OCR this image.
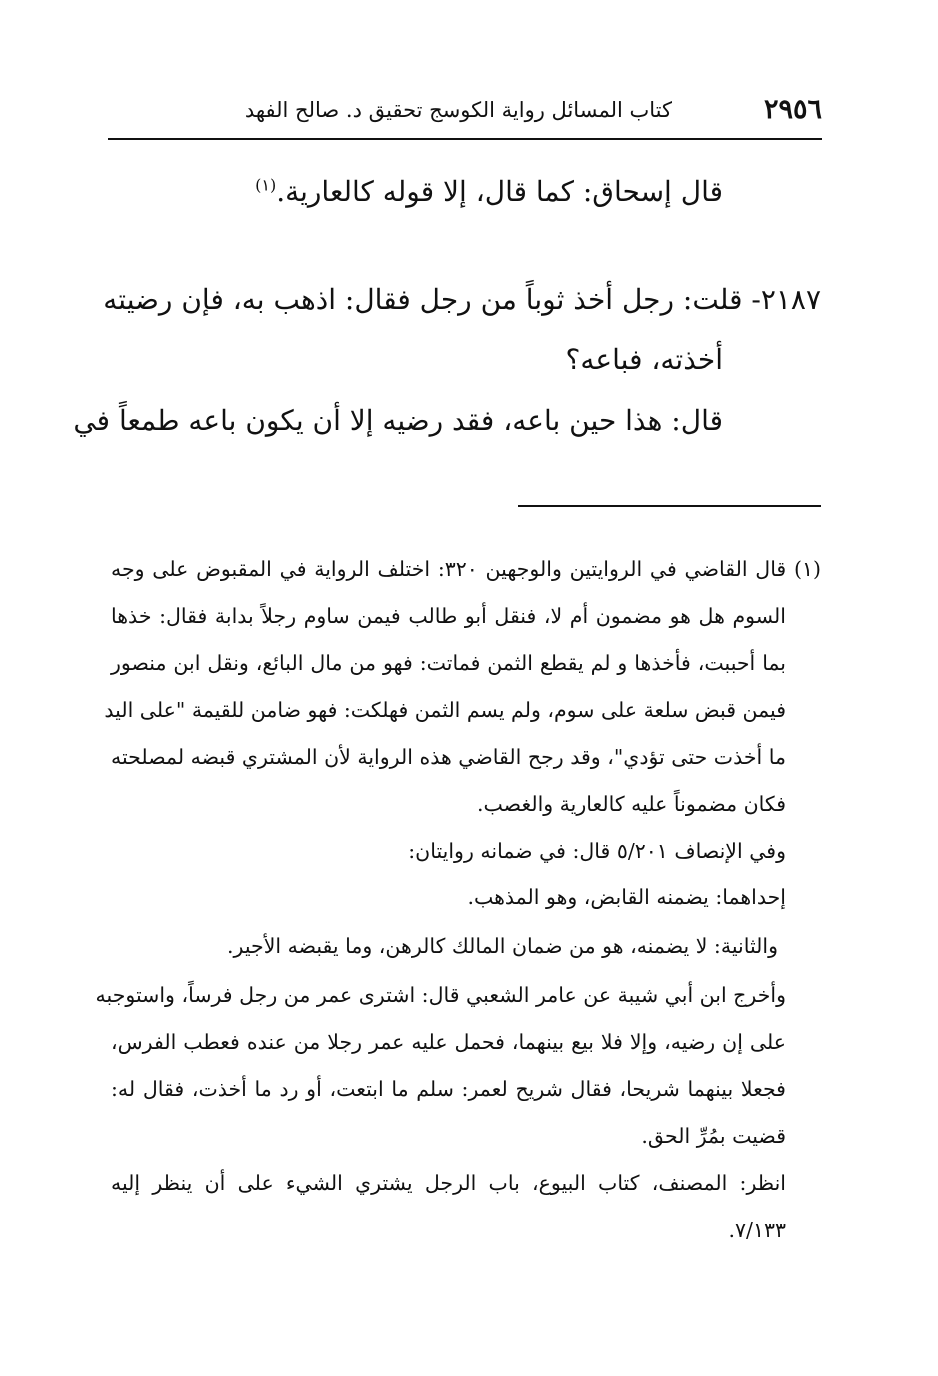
٢٩٥٦
كتاب المسائل رواية الكوسج تحقيق د. صالح الفهد
قال إسحاق: كما قال، إلا قوله كالعارية.$^{(١)}$
٢١٨٧- قلت: رجل أخذ ثوباً من رجل فقال: اذهب به، فإن رضيته
أخذته، فباعه؟
قال: هذا حين باعه، فقد رضيه إلا أن يكون باعه طمعاً في
(١) قال القاضي في الروايتين والوجهين ٣٢٠: اختلف الرواية في المقبوض على وجه
السوم هل هو مضمون أم لا، فنقل أبو طالب فيمن ساوم رجلاً بدابة فقال: خذها
بما أحببت، فأخذها و لم يقطع الثمن فماتت: فهو من مال البائع، ونقل ابن منصور
فيمن قبض سلعة على سوم، ولم يسم الثمن فهلكت: فهو ضامن للقيمة "على اليد
ما أخذت حتى تؤدي"، وقد رجح القاضي هذه الرواية لأن المشتري قبضه لمصلحته
فكان مضموناً عليه كالعارية والغصب.
وفي الإنصاف ٥/٢٠١ قال: في ضمانه روايتان:
إحداهما: يضمنه القابض، وهو المذهب.
والثانية: لا يضمنه، هو من ضمان المالك كالرهن، وما يقبضه الأجير.
وأخرج ابن أبي شيبة عن عامر الشعبي قال: اشترى عمر من رجل فرساً، واستوجبه
على إن رضيه، وإلا فلا بيع بينهما، فحمل عليه عمر رجلا من عنده فعطب الفرس،
فجعلا بينهما شريحا، فقال شريح لعمر: سلم ما ابتعت، أو رد ما أخذت، فقال له:
قضيت بمُرِّ الحق.
انظر: المصنف، كتاب البيوع، باب الرجل يشتري الشيء على أن ينظر إليه
٧/١٣٣.
